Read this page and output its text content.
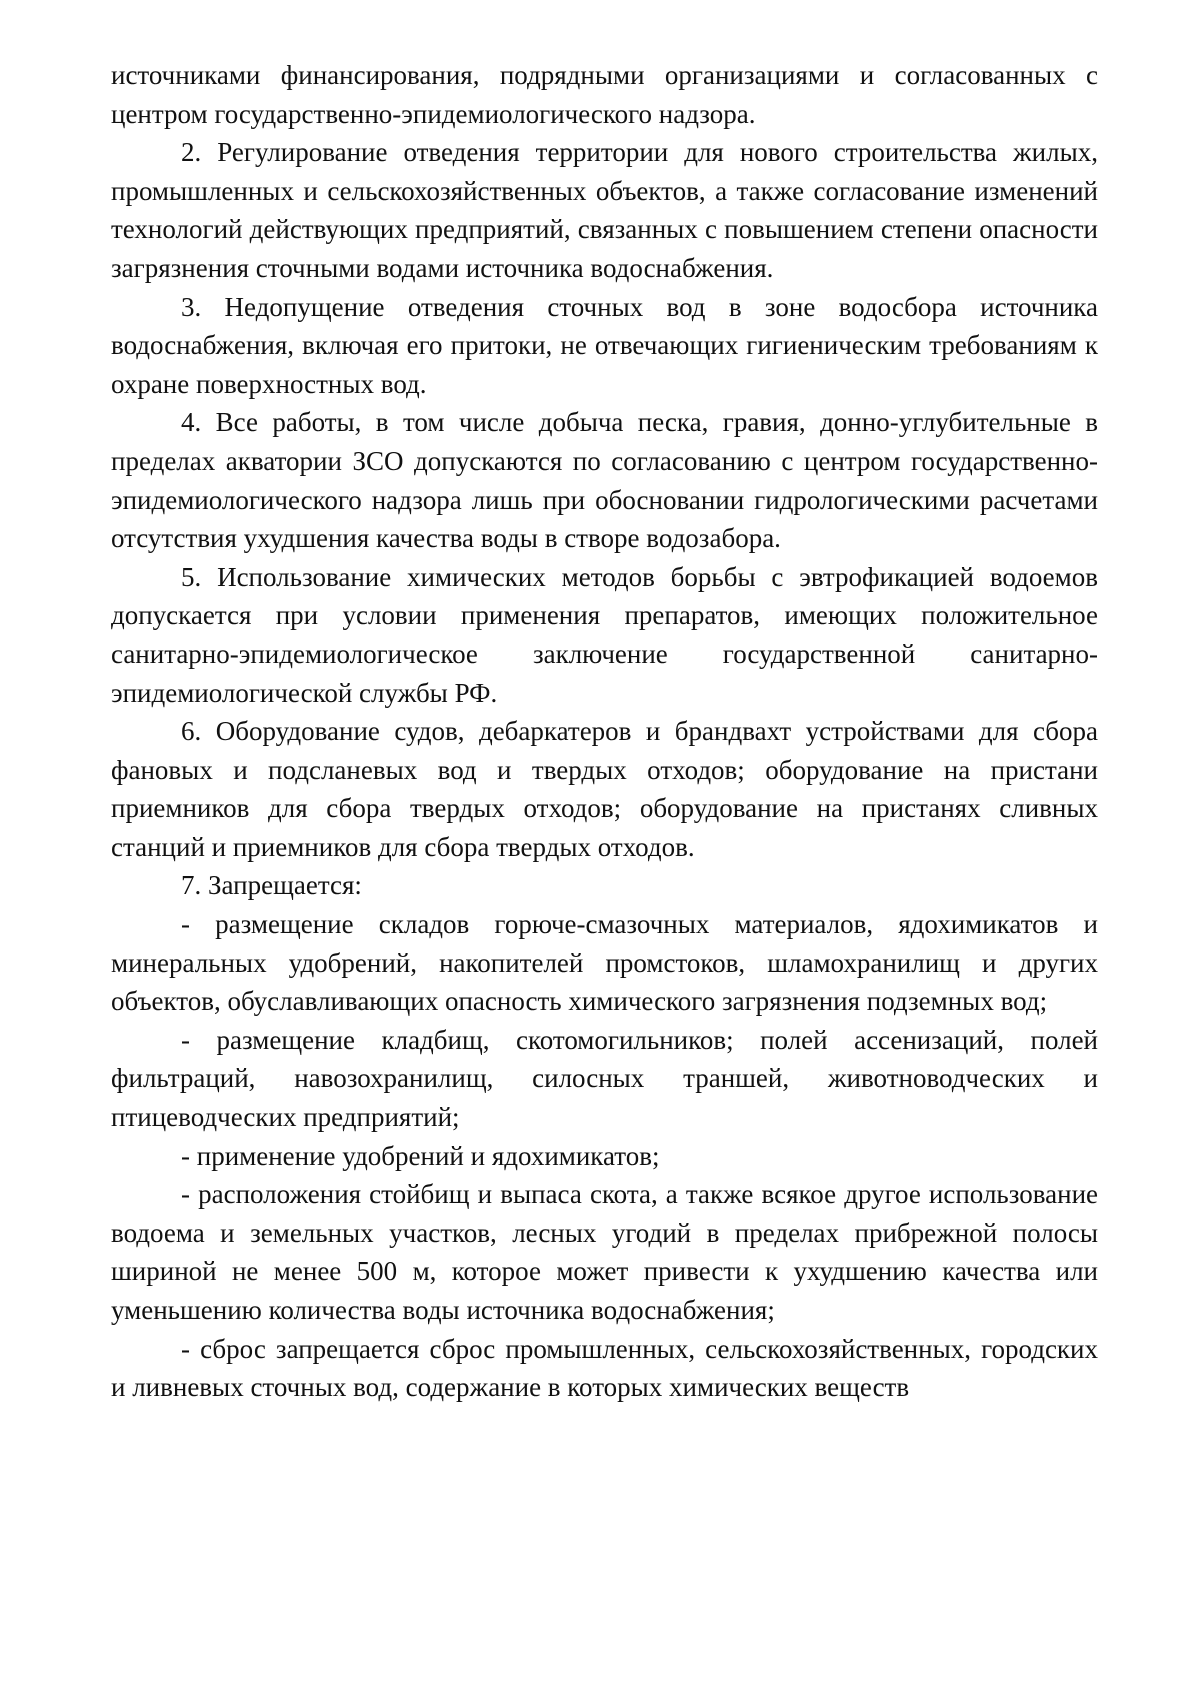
источниками финансирования, подрядными организациями и согласованных с центром государственно-эпидемиологического надзора.

2. Регулирование отведения территории для нового строительства жилых, промышленных и сельскохозяйственных объектов, а также согласование изменений технологий действующих предприятий, связанных с повышением степени опасности загрязнения сточными водами источника водоснабжения.

3. Недопущение отведения сточных вод в зоне водосбора источника водоснабжения, включая его притоки, не отвечающих гигиеническим требованиям к охране поверхностных вод.

4. Все работы, в том числе добыча песка, гравия, донно-углубительные в пределах акватории ЗСО допускаются по согласованию с центром государственно-эпидемиологического надзора лишь при обосновании гидрологическими расчетами отсутствия ухудшения качества воды в створе водозабора.

5. Использование химических методов борьбы с эвтрофикацией водоемов допускается при условии применения препаратов, имеющих положительное санитарно-эпидемиологическое заключение государственной санитарно-эпидемиологической службы РФ.

6. Оборудование судов, дебаркатеров и брандвахт устройствами для сбора фановых и подсланевых вод и твердых отходов; оборудование на пристани приемников для сбора твердых отходов; оборудование на пристанях сливных станций и приемников для сбора твердых отходов.

7. Запрещается:

- размещение складов горюче-смазочных материалов, ядохимикатов и минеральных удобрений, накопителей промстоков, шламохранилищ и других объектов, обуславливающих опасность химического загрязнения подземных вод;

- размещение кладбищ, скотомогильников; полей ассенизаций, полей фильтраций, навозохранилищ, силосных траншей, животноводческих и птицеводческих предприятий;

- применение удобрений и ядохимикатов;

- расположения стойбищ и выпаса скота, а также всякое другое использование водоема и земельных участков, лесных угодий в пределах прибрежной полосы шириной не менее 500 м, которое может привести к ухудшению качества или уменьшению количества воды источника водоснабжения;

- сброс запрещается сброс промышленных, сельскохозяйственных, городских и ливневых сточных вод, содержание в которых химических веществ
